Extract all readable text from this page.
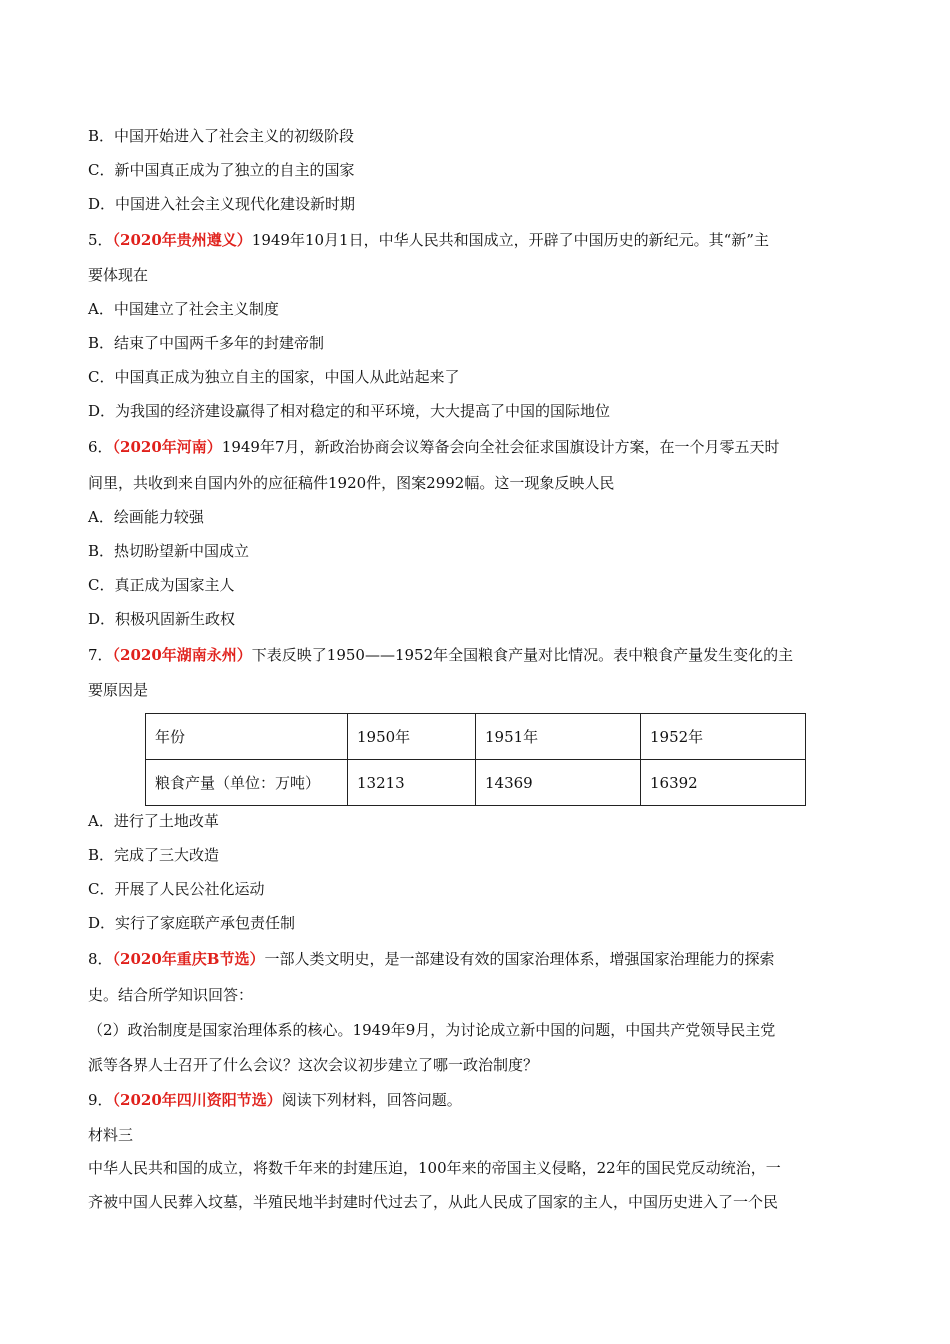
B．中国开始进入了社会主义的初级阶段
C．新中国真正成为了独立的自主的国家
D．中国进入社会主义现代化建设新时期
5．（2020年贵州遵义）1949年10月1日，中华人民共和国成立，开辟了中国历史的新纪元。其“新”主
要体现在
A．中国建立了社会主义制度
B．结束了中国两千多年的封建帝制
C．中国真正成为独立自主的国家，中国人从此站起来了
D．为我国的经济建设赢得了相对稳定的和平环境，大大提高了中国的国际地位
6．（2020年河南）1949年7月，新政治协商会议筹备会向全社会征求国旗设计方案，在一个月零五天时
间里，共收到来自国内外的应征稿件1920件，图案2992幅。这一现象反映人民
A．绘画能力较强
B．热切盼望新中国成立
C．真正成为国家主人
D．积极巩固新生政权
7．（2020年湖南永州）下表反映了1950——1952年全国粮食产量对比情况。表中粮食产量发生变化的主
要原因是
年份	1950年	1951年	1952年
粮食产量（单位：万吨）	13213	14369	16392
A．进行了土地改革
B．完成了三大改造
C．开展了人民公社化运动
D．实行了家庭联产承包责任制
8．（2020年重庆B节选）一部人类文明史，是一部建设有效的国家治理体系，增强国家治理能力的探索
史。结合所学知识回答：
（2）政治制度是国家治理体系的核心。1949年9月，为讨论成立新中国的问题，中国共产党领导民主党
派等各界人士召开了什么会议？这次会议初步建立了哪一政治制度？
9．（2020年四川资阳节选）阅读下列材料，回答问题。
材料三
中华人民共和国的成立，将数千年来的封建压迫，100年来的帝国主义侵略，22年的国民党反动统治，一
齐被中国人民葬入坟墓，半殖民地半封建时代过去了，从此人民成了国家的主人，中国历史进入了一个民
